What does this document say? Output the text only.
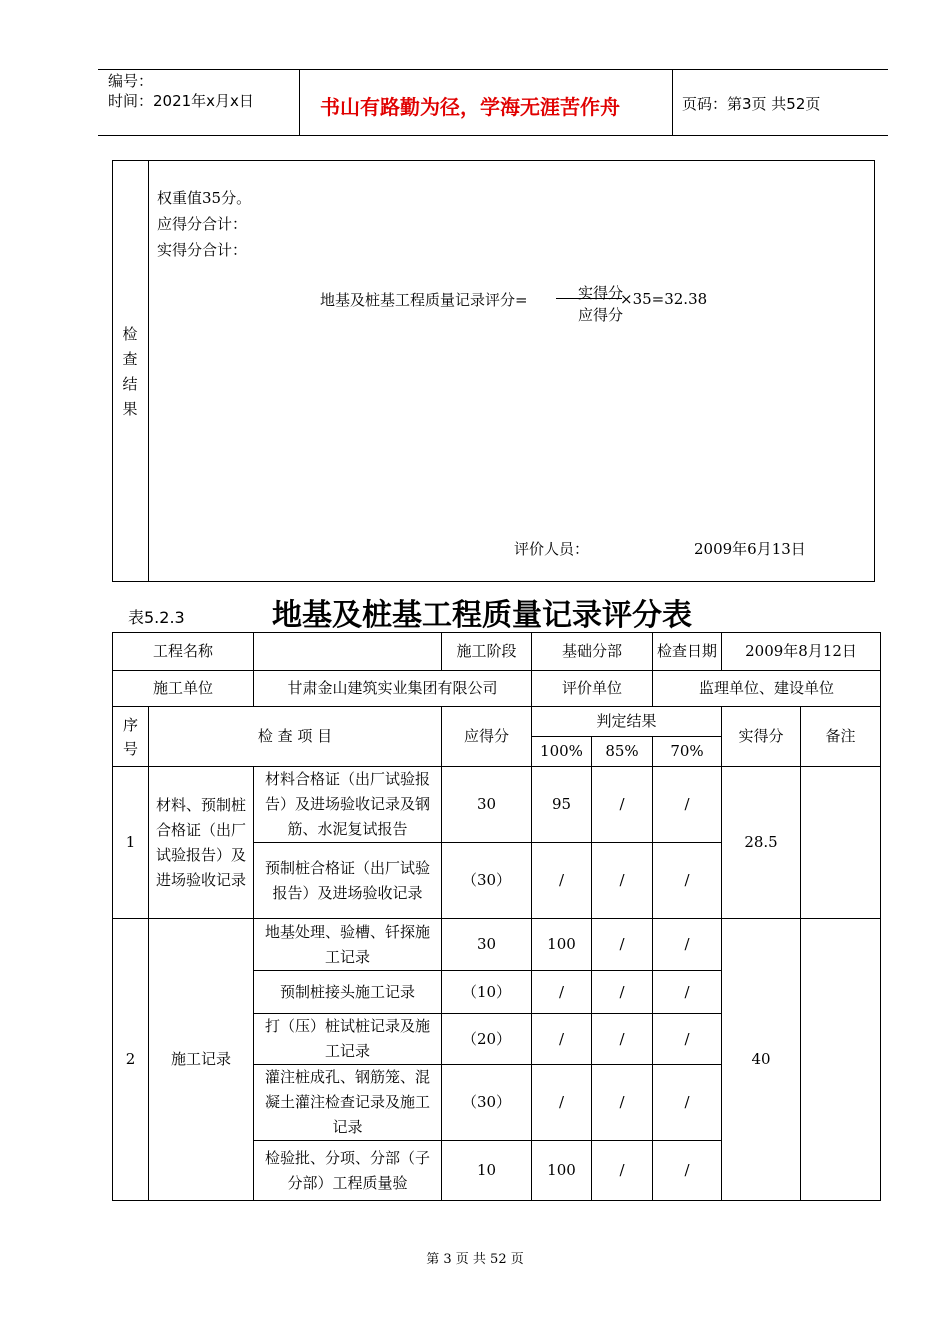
编号：
时间：2021年x月x日	书山有路勤为径，学海无涯苦作舟	页码：第3页 共52页
检
查
结
果
权重值35分。
应得分合计：
实得分合计：
地基及桩基工程质量记录评分=	实得分
应得分
×35=32.38
评价人员：	2009年6月13日
表5.2.3	地基及桩基工程质量记录评分表
工程名称			施工阶段	基础分部		检查日期	2009年8月12日	
施工单位		甘肃金山建筑实业集团有限公司		评价单位		监理单位、建设单位		
序号	检 查 项 目		应得分	判定结果			实得分	备注
				100%	85%	70%		
1	材料、预制桩合格证（出厂试验报告）及进场验收记录	材料合格证（出厂试验报告）及进场验收记录及钢筋、水泥复试报告	30	95	/	/	28.5	
		预制桩合格证（出厂试验报告）及进场验收记录	（30）	/	/	/		
2	施工记录	地基处理、验槽、钎探施工记录	30	100	/	/	40	
		预制桩接头施工记录	（10）	/	/	/		
		打（压）桩试桩记录及施工记录	（20）	/	/	/		
		灌注桩成孔、钢筋笼、混凝土灌注检查记录及施工记录	（30）	/	/	/		
		检验批、分项、分部（子分部）工程质量验	10	100	/	/		
第 3 页 共 52 页
